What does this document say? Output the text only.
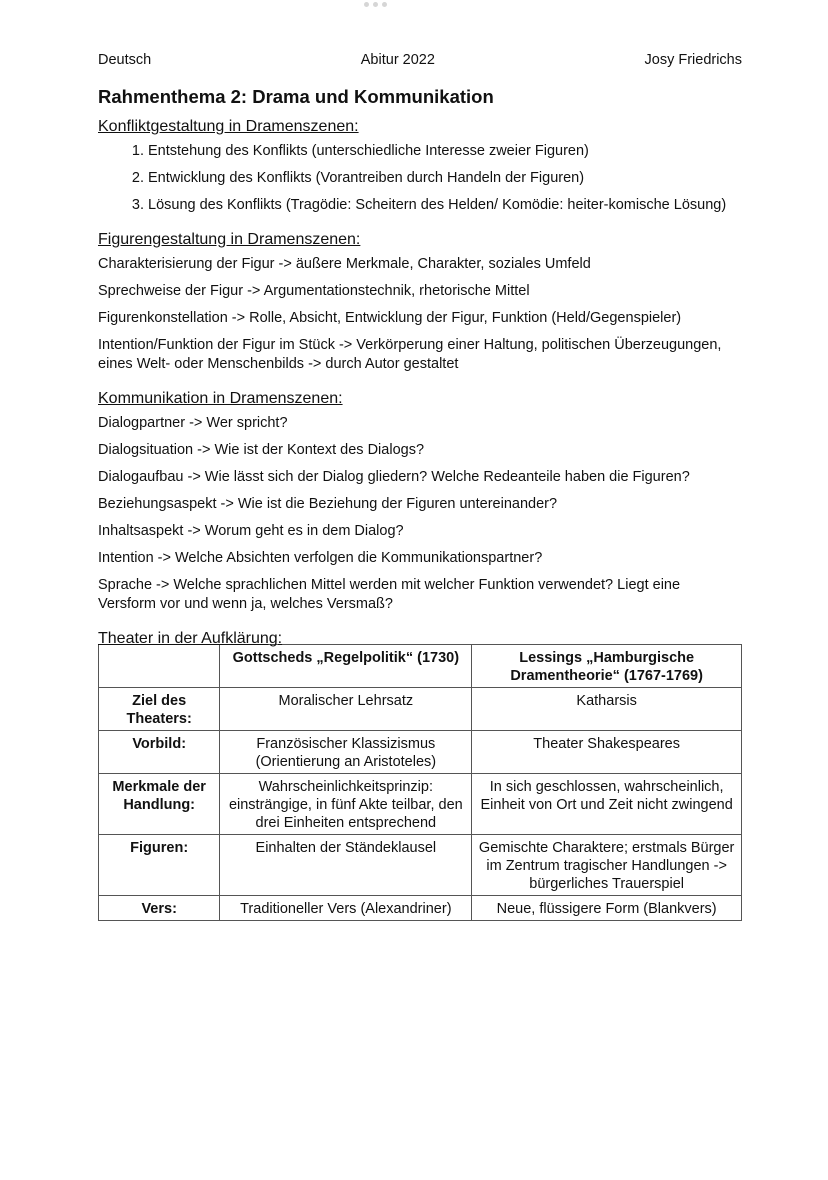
Deutsch	Abitur 2022	Josy Friedrichs
Rahmenthema 2: Drama und Kommunikation
Konfliktgestaltung in Dramenszenen:
1. Entstehung des Konflikts (unterschiedliche Interesse zweier Figuren)
2. Entwicklung des Konflikts (Vorantreiben durch Handeln der Figuren)
3. Lösung des Konflikts (Tragödie: Scheitern des Helden/ Komödie: heiter-komische Lösung)
Figurengestaltung in Dramenszenen:
Charakterisierung der Figur -> äußere Merkmale, Charakter, soziales Umfeld
Sprechweise der Figur -> Argumentationstechnik, rhetorische Mittel
Figurenkonstellation -> Rolle, Absicht, Entwicklung der Figur, Funktion (Held/Gegenspieler)
Intention/Funktion der Figur im Stück -> Verkörperung einer Haltung, politischen Überzeugungen, eines Welt- oder Menschenbilds -> durch Autor gestaltet
Kommunikation in Dramenszenen:
Dialogpartner -> Wer spricht?
Dialogsituation -> Wie ist der Kontext des Dialogs?
Dialogaufbau -> Wie lässt sich der Dialog gliedern? Welche Redeanteile haben die Figuren?
Beziehungsaspekt -> Wie ist die Beziehung der Figuren untereinander?
Inhaltsaspekt -> Worum geht es in dem Dialog?
Intention -> Welche Absichten verfolgen die Kommunikationspartner?
Sprache -> Welche sprachlichen Mittel werden mit welcher Funktion verwendet? Liegt eine Versform vor und wenn ja, welches Versmaß?
Theater in der Aufklärung:
	Gottscheds „Regelpolitik“ (1730)	Lessings „Hamburgische Dramentheorie“ (1767-1769)
Ziel des Theaters:	Moralischer Lehrsatz	Katharsis
Vorbild:	Französischer Klassizismus (Orientierung an Aristoteles)	Theater Shakespeares
Merkmale der Handlung:	Wahrscheinlichkeitsprinzip: einsträngige, in fünf Akte teilbar, den drei Einheiten entsprechend	In sich geschlossen, wahrscheinlich, Einheit von Ort und Zeit nicht zwingend
Figuren:	Einhalten der Ständeklausel	Gemischte Charaktere; erstmals Bürger im Zentrum tragischer Handlungen -> bürgerliches Trauerspiel
Vers:	Traditioneller Vers (Alexandriner)	Neue, flüssigere Form (Blankvers)
